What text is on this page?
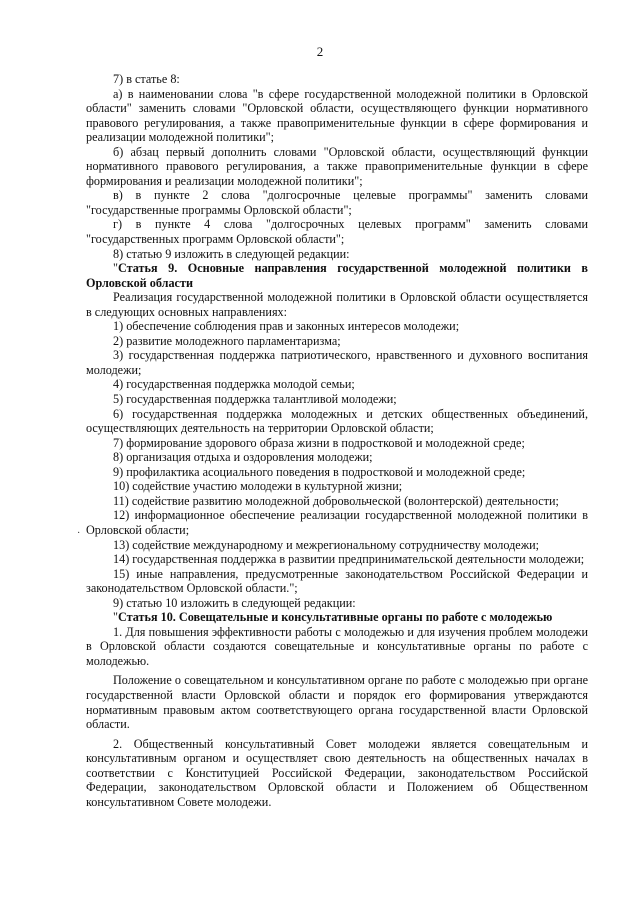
2

7) в статье 8:

а) в наименовании слова "в сфере государственной молодежной политики в Орловской области" заменить словами "Орловской области, осуществляющего функции нормативного правового регулирования, а также правоприменительные функции в сфере формирования и реализации молодежной политики";

б) абзац первый дополнить словами "Орловской области, осуществляющий функции нормативного правового регулирования, а также правоприменительные функции в сфере формирования и реализации молодежной политики";

в) в пункте 2 слова "долгосрочные целевые программы" заменить словами "государственные программы Орловской области";

г) в пункте 4 слова "долгосрочных целевых программ" заменить словами "государственных программ Орловской области";

8) статью 9 изложить в следующей редакции:

"Статья 9. Основные направления государственной молодежной политики в Орловской области

Реализация государственной молодежной политики в Орловской области осуществляется в следующих основных направлениях:

1) обеспечение соблюдения прав и законных интересов молодежи;

2) развитие молодежного парламентаризма;

3) государственная поддержка патриотического, нравственного и духовного воспитания молодежи;

4) государственная поддержка молодой семьи;

5) государственная поддержка талантливой молодежи;

6) государственная поддержка молодежных и детских общественных объединений, осуществляющих деятельность на территории Орловской области;

7) формирование здорового образа жизни в подростковой и молодежной среде;

8) организация отдыха и оздоровления молодежи;

9) профилактика асоциального поведения в подростковой и молодежной среде;

10) содействие участию молодежи в культурной жизни;

11) содействие развитию молодежной добровольческой (волонтерской) деятельности;

12) информационное обеспечение реализации государственной молодежной политики в Орловской области;

13) содействие международному и межрегиональному сотрудничеству молодежи;

14) государственная поддержка в развитии предпринимательской деятельности молодежи;

15) иные направления, предусмотренные законодательством Российской Федерации и законодательством Орловской области.";

9) статью 10 изложить в следующей редакции:

"Статья 10. Совещательные и консультативные органы по работе с молодежью

1. Для повышения эффективности работы с молодежью и для изучения проблем молодежи в Орловской области создаются совещательные и консультативные органы по работе с молодежью.

Положение о совещательном и консультативном органе по работе с молодежью при органе государственной власти Орловской области и порядок его формирования утверждаются нормативным правовым актом соответствующего органа государственной власти Орловской области.

2. Общественный консультативный Совет молодежи является совещательным и консультативным органом и осуществляет свою деятельность на общественных началах в соответствии с Конституцией Российской Федерации, законодательством Российской Федерации, законодательством Орловской области и Положением об Общественном консультативном Совете молодежи.

·
